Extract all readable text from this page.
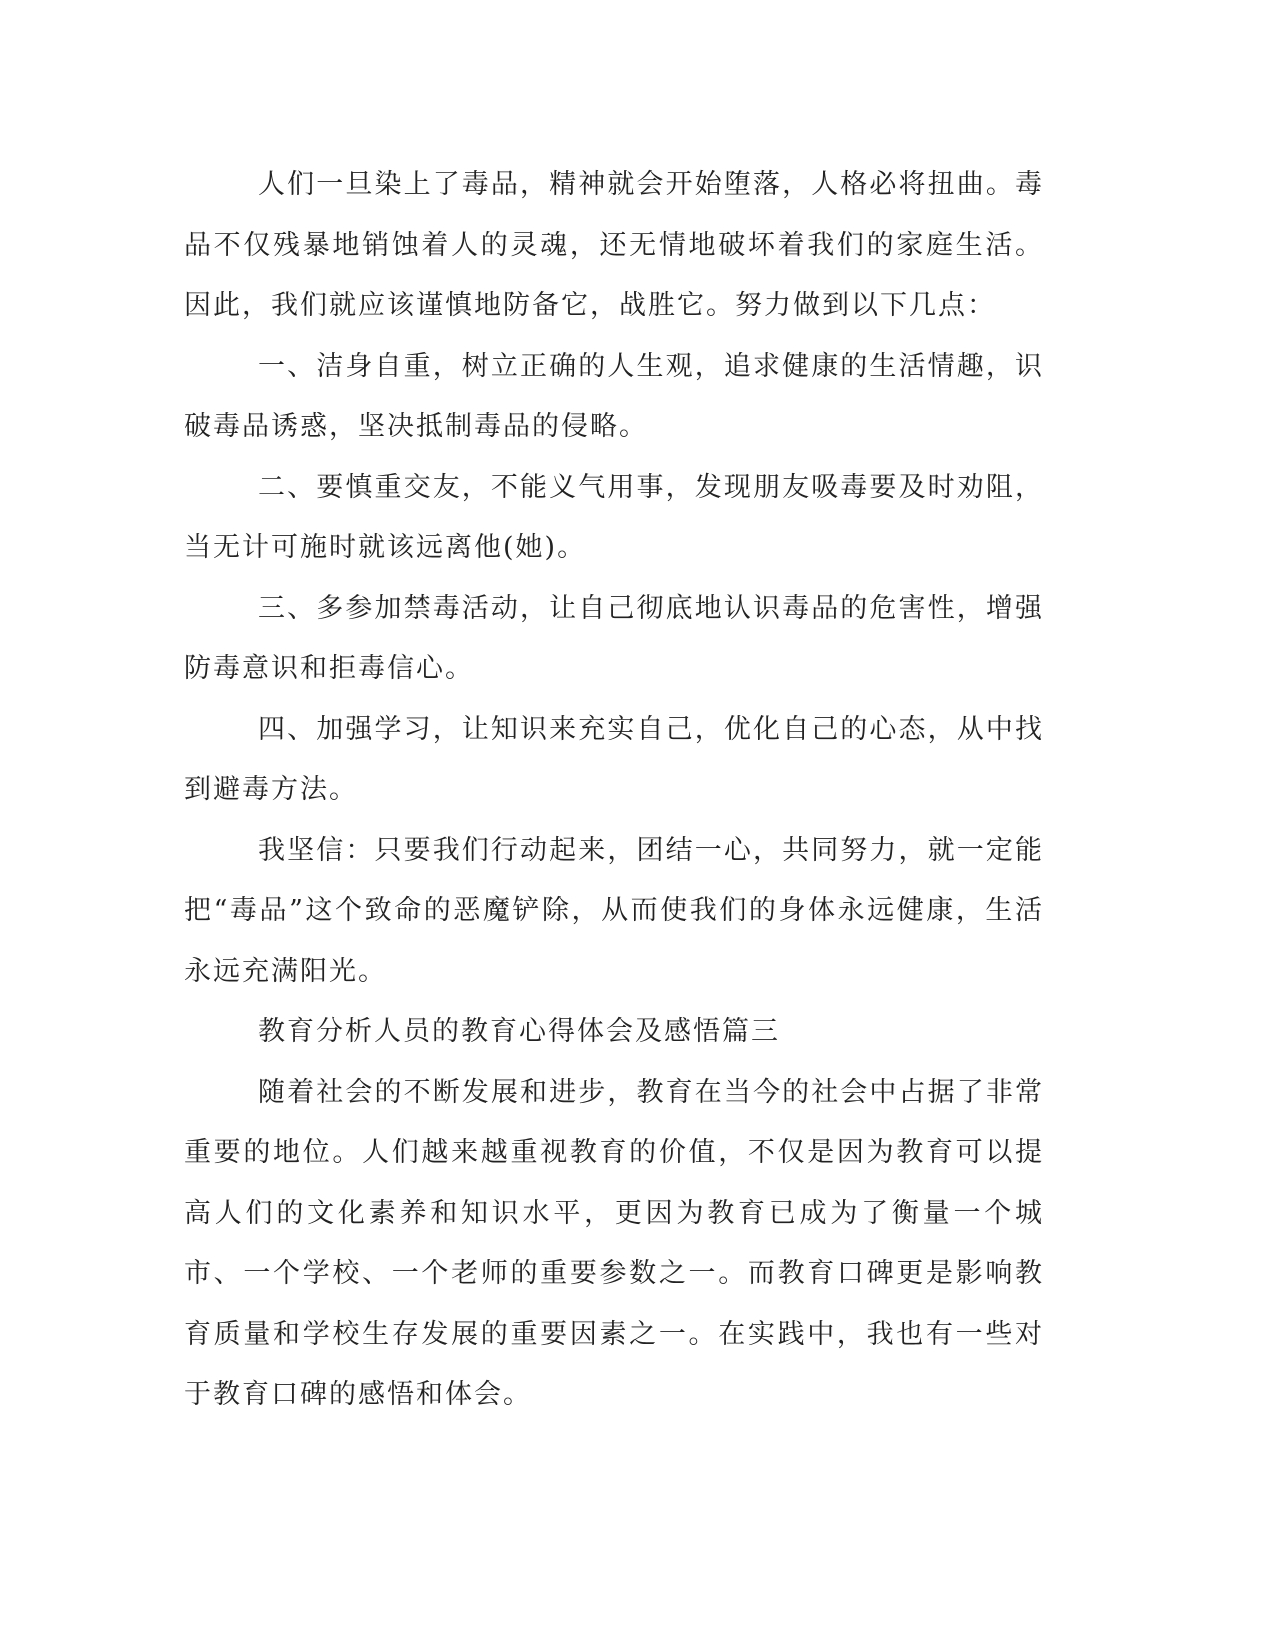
人们一旦染上了毒品，精神就会开始堕落，人格必将扭曲。毒品不仅残暴地销蚀着人的灵魂，还无情地破坏着我们的家庭生活。因此，我们就应该谨慎地防备它，战胜它。努力做到以下几点：

一、洁身自重，树立正确的人生观，追求健康的生活情趣，识破毒品诱惑，坚决抵制毒品的侵略。

二、要慎重交友，不能义气用事，发现朋友吸毒要及时劝阻，当无计可施时就该远离他(她)。

三、多参加禁毒活动，让自己彻底地认识毒品的危害性，增强防毒意识和拒毒信心。

四、加强学习，让知识来充实自己，优化自己的心态，从中找到避毒方法。

我坚信：只要我们行动起来，团结一心，共同努力，就一定能把“毒品”这个致命的恶魔铲除，从而使我们的身体永远健康，生活永远充满阳光。

教育分析人员的教育心得体会及感悟篇三

随着社会的不断发展和进步，教育在当今的社会中占据了非常重要的地位。人们越来越重视教育的价值，不仅是因为教育可以提高人们的文化素养和知识水平，更因为教育已成为了衡量一个城市、一个学校、一个老师的重要参数之一。而教育口碑更是影响教育质量和学校生存发展的重要因素之一。在实践中，我也有一些对于教育口碑的感悟和体会。
